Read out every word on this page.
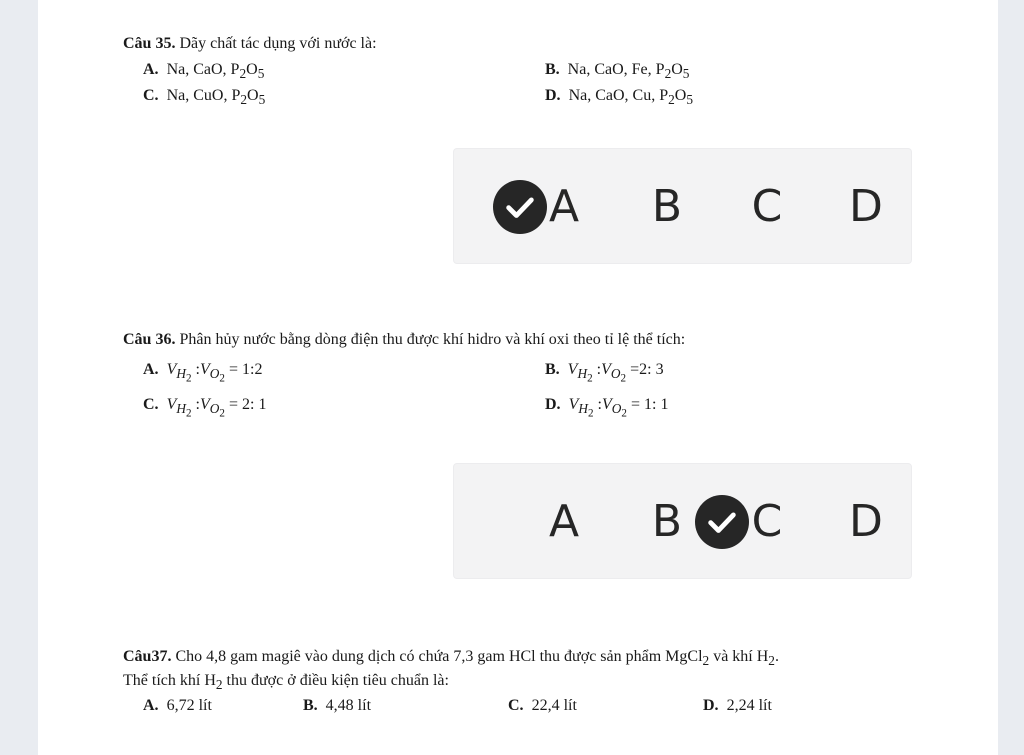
Câu 35. Dãy chất tác dụng với nước là:
A. Na, CaO, $P_2O_5$	B. Na, CaO, Fe, $P_2O_5$
C. Na, CuO, $P_2O_5$	D. Na, CaO, Cu, $P_2O_5$
A	B	C	D
Câu 36. Phân hủy nước bằng dòng điện thu được khí hidro và khí oxi theo tỉ lệ thể tích:
A. $V_{H_2}$ $:V_{O_2}$ = 1:2	B. $V_{H_2}$ $:V_{O_2} =2$: 3
C. $V_{H_2}$ $:V_{O_2} = 2$: 1	D. $V_{H_2}$ $:V_{O_2} = 1$: 1
A	B	C	D
Câu37. Cho 4,8 gam magiê vào dung dịch có chứa 7,3 gam HCl thu được sản phẩm MgCl$_2$ và khí $H_2$.
Thể tích khí $H_2$ thu được ở điều kiện tiêu chuẩn là:
A. 6,72 lít	B. 4,48 lít	C. 22,4 lít	D. 2,24 lít
